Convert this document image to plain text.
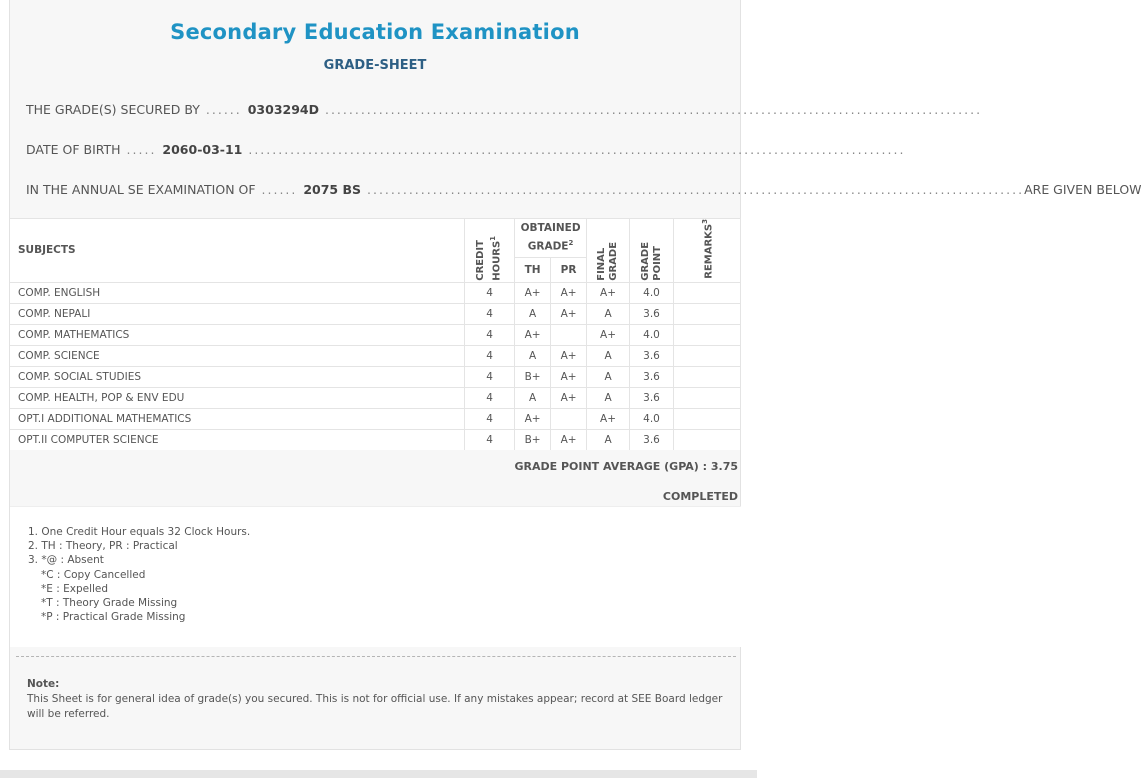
Secondary Education Examination
GRADE-SHEET
THE GRADE(S) SECURED BY ...... 0303294D ..............................................................................................................
DATE OF BIRTH ..... 2060-03-11 ..............................................................................................................
IN THE ANNUAL SE EXAMINATION OF ...... 2075 BS .............................................................................................................. ARE GIVEN BELOW
SUBJECTS	CREDIT HOURS$^1$	OBTAINED GRADE$^2$		FINAL GRADE	GRADE POINT	REMARKS$^3$
		TH	PR			
COMP. ENGLISH	4	A+	A+	A+	4.0	
COMP. NEPALI	4	A	A+	A	3.6	
COMP. MATHEMATICS	4	A+		A+	4.0	
COMP. SCIENCE	4	A	A+	A	3.6	
COMP. SOCIAL STUDIES	4	B+	A+	A	3.6	
COMP. HEALTH, POP & ENV EDU	4	A	A+	A	3.6	
OPT.I ADDITIONAL MATHEMATICS	4	A+		A+	4.0	
OPT.II COMPUTER SCIENCE	4	B+	A+	A	3.6	
GRADE POINT AVERAGE (GPA) : 3.75
COMPLETED
1. One Credit Hour equals 32 Clock Hours.
2. TH : Theory, PR : Practical
3. *@ : Absent
*C : Copy Cancelled
*E : Expelled
*T : Theory Grade Missing
*P : Practical Grade Missing
Note:
This Sheet is for general idea of grade(s) you secured. This is not for official use. If any mistakes appear; record at SEE Board ledger will be referred.
